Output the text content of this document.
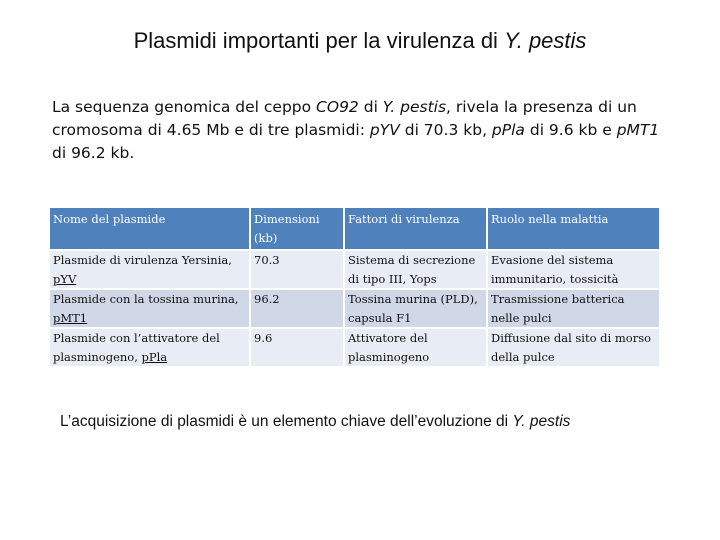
Plasmidi importanti per la virulenza di Y. pestis
La sequenza genomica del ceppo CO92 di Y. pestis, rivela la presenza di un cromosoma di 4.65 Mb e di tre plasmidi: pYV di 70.3 kb, pPla di 9.6 kb e pMT1 di 96.2 kb.
Nome del plasmide	Dimensioni (kb)	Fattori di virulenza	Ruolo nella malattia
Plasmide di virulenza Yersinia, pYV	70.3	Sistema di secrezione di tipo III, Yops	Evasione del sistema immunitario, tossicità
Plasmide con la tossina murina, pMT1	96.2	Tossina murina (PLD), capsula F1	Trasmissione batterica nelle pulci
Plasmide con l’attivatore del plasminogeno, pPla	9.6	Attivatore del plasminogeno	Diffusione dal sito di morso della pulce
L’acquisizione di plasmidi è un elemento chiave dell’evoluzione di Y. pestis
